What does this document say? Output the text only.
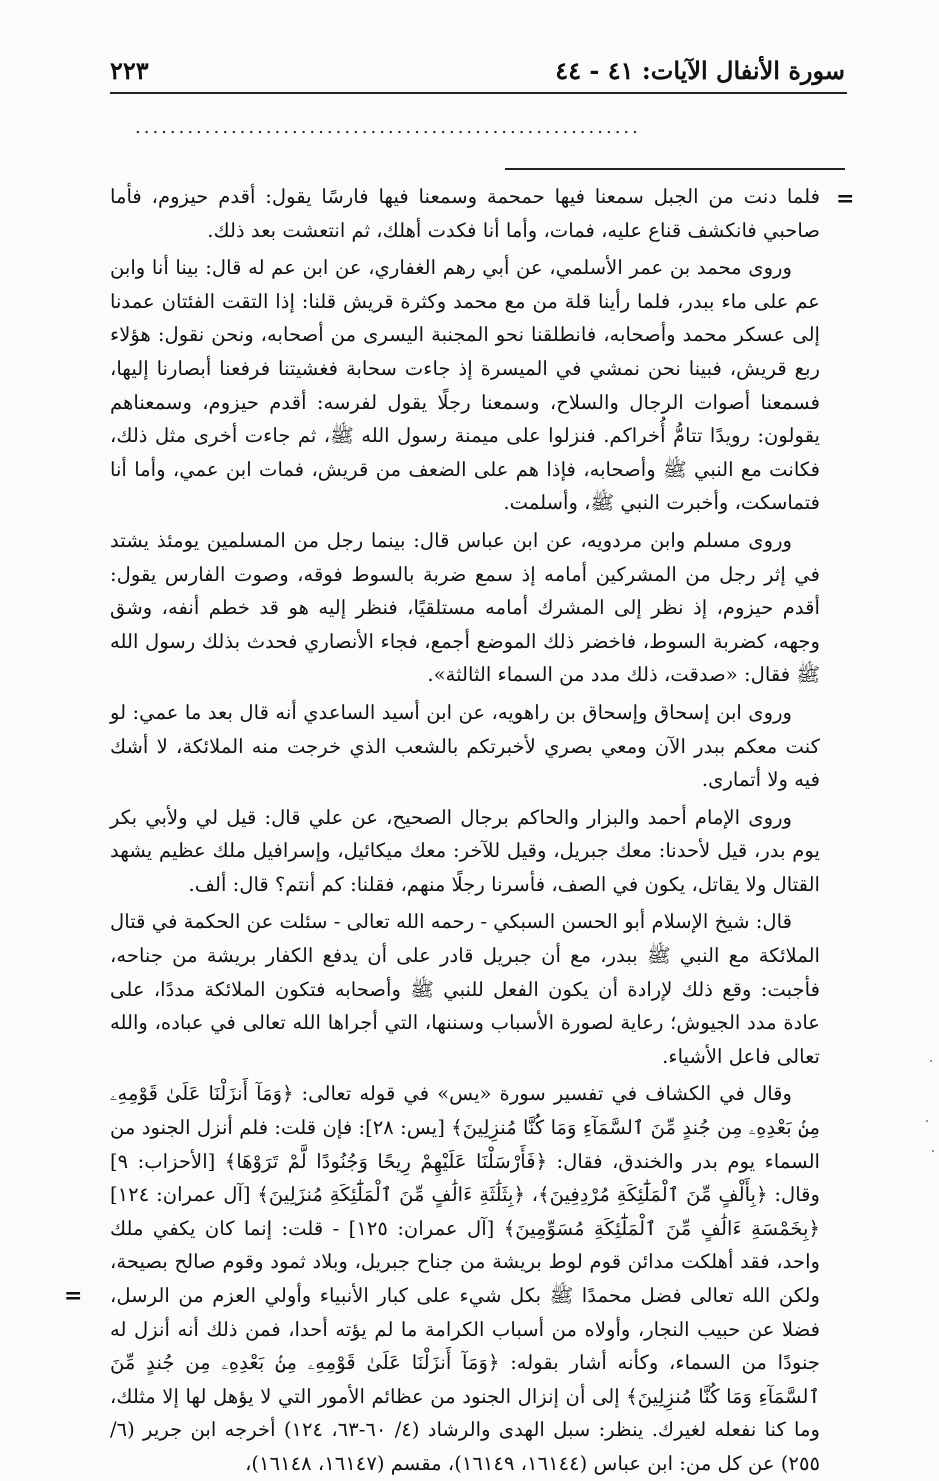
سورة الأنفال الآيات: ٤١ - ٤٤
٢٢٣
..........................................................
=

فلما دنت من الجبل سمعنا فيها حمحمة وسمعنا فيها فارسًا يقول: أقدم حيزوم، فأما صاحبي فانكشف قناع عليه، فمات، وأما أنا فكدت أهلك، ثم انتعشت بعد ذلك.

وروى محمد بن عمر الأسلمي، عن أبي رهم الغفاري، عن ابن عم له قال: بينا أنا وابن عم على ماء ببدر، فلما رأينا قلة من مع محمد وكثرة قريش قلنا: إذا التقت الفئتان عمدنا إلى عسكر محمد وأصحابه، فانطلقنا نحو المجنبة اليسرى من أصحابه، ونحن نقول: هؤلاء ربع قريش، فبينا نحن نمشي في الميسرة إذ جاءت سحابة فغشيتنا فرفعنا أبصارنا إليها، فسمعنا أصوات الرجال والسلاح، وسمعنا رجلًا يقول لفرسه: أقدم حيزوم، وسمعناهم يقولون: رويدًا تتامُّ أُخراكم. فنزلوا على ميمنة رسول الله ﷺ، ثم جاءت أخرى مثل ذلك، فكانت مع النبي ﷺ وأصحابه، فإذا هم على الضعف من قريش، فمات ابن عمي، وأما أنا فتماسكت، وأخبرت النبي ﷺ، وأسلمت.

وروى مسلم وابن مردويه، عن ابن عباس قال: بينما رجل من المسلمين يومئذ يشتد في إثر رجل من المشركين أمامه إذ سمع ضربة بالسوط فوقه، وصوت الفارس يقول: أقدم حيزوم، إذ نظر إلى المشرك أمامه مستلقيًا، فنظر إليه هو قد خطم أنفه، وشق وجهه، كضربة السوط، فاخضر ذلك الموضع أجمع، فجاء الأنصاري فحدث بذلك رسول الله ﷺ فقال: «صدقت، ذلك مدد من السماء الثالثة».

وروى ابن إسحاق وإسحاق بن راهويه، عن ابن أسيد الساعدي أنه قال بعد ما عمي: لو كنت معكم ببدر الآن ومعي بصري لأخبرتكم بالشعب الذي خرجت منه الملائكة، لا أشك فيه ولا أتمارى.

وروى الإمام أحمد والبزار والحاكم برجال الصحيح، عن علي قال: قيل لي ولأبي بكر يوم بدر، قيل لأحدنا: معك جبريل، وقيل للآخر: معك ميكائيل، وإسرافيل ملك عظيم يشهد القتال ولا يقاتل، يكون في الصف، فأسرنا رجلًا منهم، فقلنا: كم أنتم؟ قال: ألف.

قال: شيخ الإسلام أبو الحسن السبكي - رحمه الله تعالى - سئلت عن الحكمة في قتال الملائكة مع النبي ﷺ ببدر، مع أن جبريل قادر على أن يدفع الكفار بريشة من جناحه، فأجبت: وقع ذلك لإرادة أن يكون الفعل للنبي ﷺ وأصحابه فتكون الملائكة مددًا، على عادة مدد الجيوش؛ رعاية لصورة الأسباب وسننها، التي أجراها الله تعالى في عباده، والله تعالى فاعل الأشياء.

وقال في الكشاف في تفسير سورة «يس» في قوله تعالى: ﴿وَمَآ أَنزَلْنَا عَلَىٰ قَوْمِهِۦ مِنۢ بَعْدِهِۦ مِن جُندٍ مِّنَ ٱلسَّمَآءِ وَمَا كُنَّا مُنزِلِينَ﴾ [يس: ٢٨]: فإن قلت: فلم أنزل الجنود من السماء يوم بدر والخندق، فقال: ﴿فَأَرْسَلْنَا عَلَيْهِمْ رِيحًا وَجُنُودًا لَّمْ تَرَوْهَا﴾ [الأحزاب: ٩] وقال: ﴿بِأَلْفٍ مِّنَ ٱلْمَلَٰٓئِكَةِ مُرْدِفِينَ﴾، ﴿بِثَلَٰثَةِ ءَالَٰفٍ مِّنَ ٱلْمَلَٰٓئِكَةِ مُنزَلِينَ﴾ [آل عمران: ١٢٤] ﴿بِخَمْسَةِ ءَالَٰفٍ مِّنَ ٱلْمَلَٰٓئِكَةِ مُسَوِّمِينَ﴾ [آل عمران: ١٢٥] - قلت: إنما كان يكفي ملك واحد، فقد أهلكت مدائن قوم لوط بريشة من جناح جبريل، وبلاد ثمود وقوم صالح بصيحة، ولكن الله تعالى فضل محمدًا ﷺ بكل شيء على كبار الأنبياء وأولي العزم من الرسل، فضلا عن حبيب النجار، وأولاه من أسباب الكرامة ما لم يؤته أحدا، فمن ذلك أنه أنزل له جنودًا من السماء، وكأنه أشار بقوله: ﴿وَمَآ أَنزَلْنَا عَلَىٰ قَوْمِهِۦ مِنۢ بَعْدِهِۦ مِن جُندٍ مِّنَ ٱلسَّمَآءِ وَمَا كُنَّا مُنزِلِينَ﴾ إلى أن إنزال الجنود من عظائم الأمور التي لا يؤهل لها إلا مثلك، وما كنا نفعله لغيرك. ينظر: سبل الهدى والرشاد (٤/ ٦٠-٦٣، ١٢٤) أخرجه ابن جرير (٦/ ٢٥٥) عن كل من: ابن عباس (١٦١٤٤، ١٦١٤٩)، مقسم (١٦١٤٧، ١٦١٤٨)،

=
